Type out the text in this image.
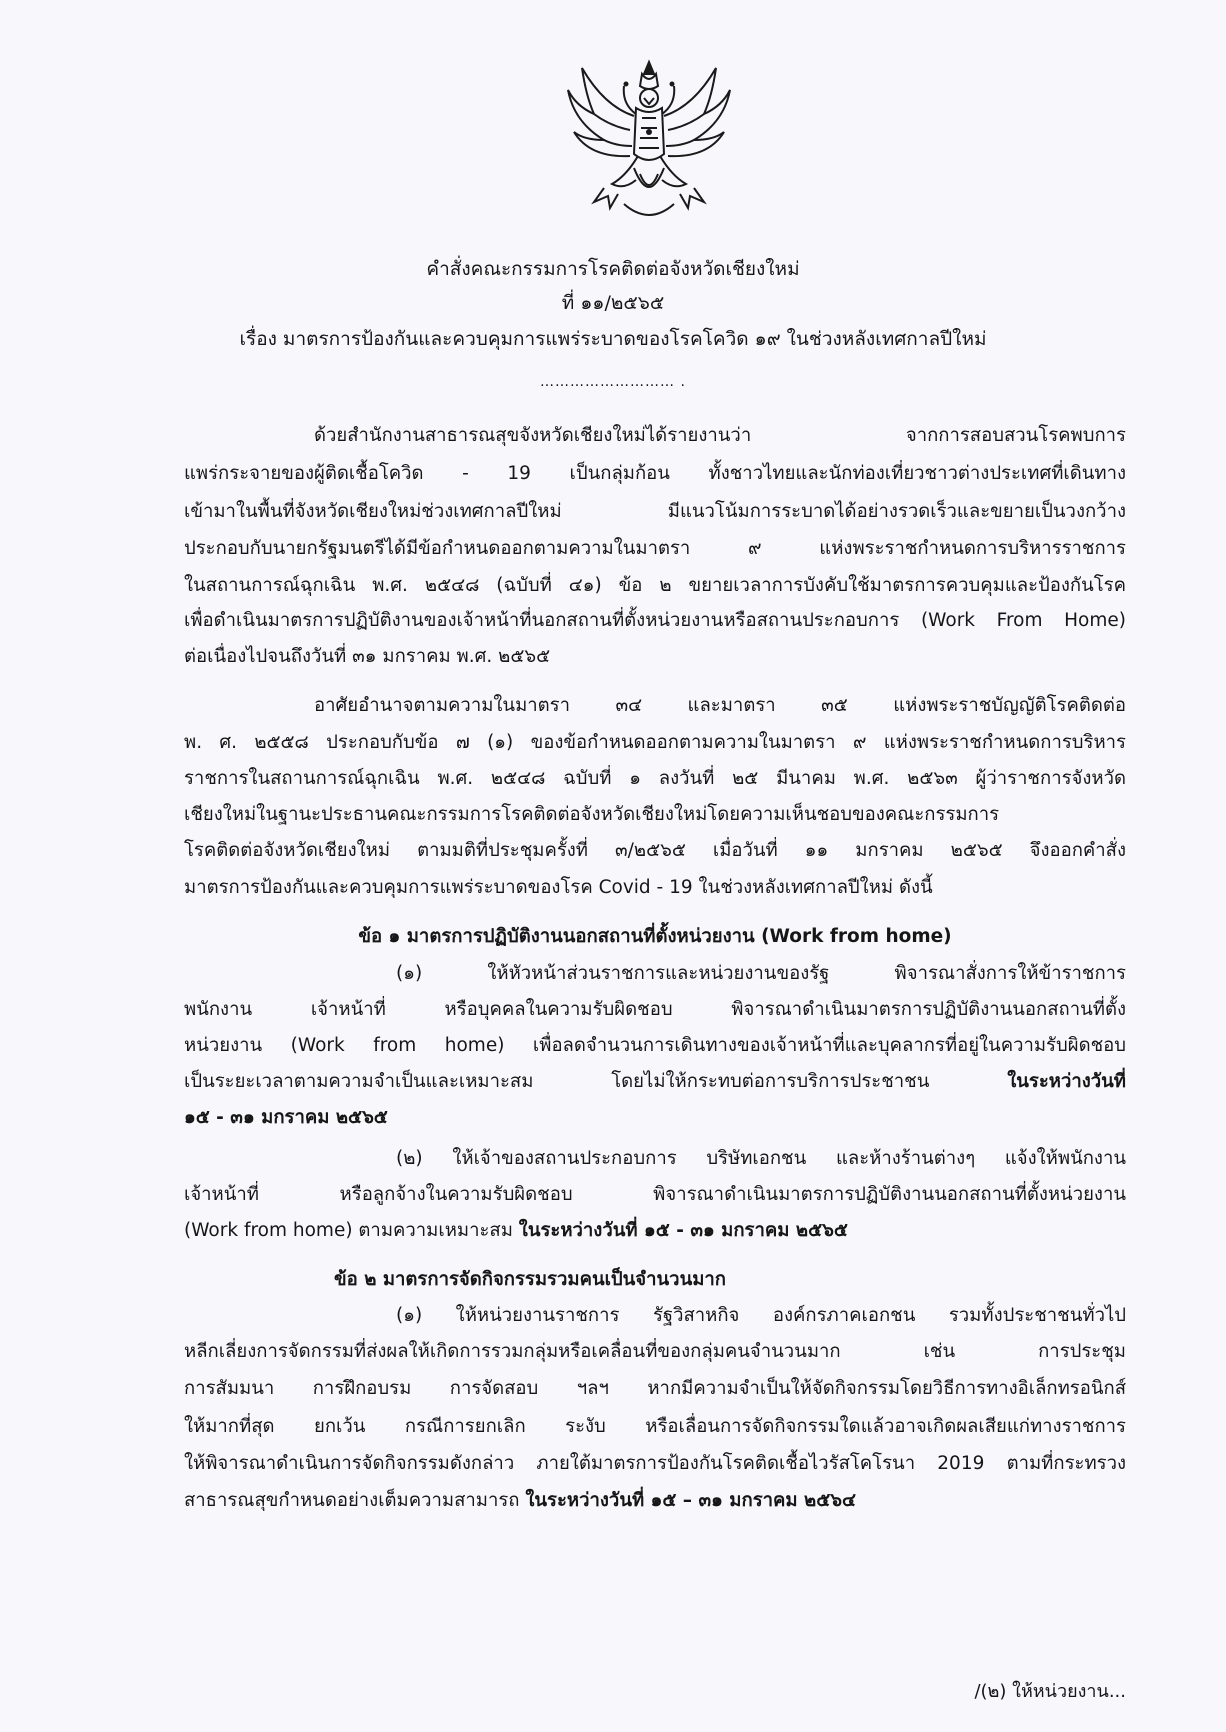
คำสั่งคณะกรรมการโรคติดต่อจังหวัดเชียงใหม่
ที่ ๑๑/๒๕๖๕
เรื่อง มาตรการป้องกันและควบคุมการแพร่ระบาดของโรคโควิด ๑๙ ในช่วงหลังเทศกาลปีใหม่
……………………… .
ด้วยสำนักงานสาธารณสุขจังหวัดเชียงใหม่ได้รายงานว่า จากการสอบสวนโรคพบการ
แพร่กระจายของผู้ติดเชื้อโควิด - 19 เป็นกลุ่มก้อน ทั้งชาวไทยและนักท่องเที่ยวชาวต่างประเทศที่เดินทาง
เข้ามาในพื้นที่จังหวัดเชียงใหม่ช่วงเทศกาลปีใหม่ มีแนวโน้มการระบาดได้อย่างรวดเร็วและขยายเป็นวงกว้าง
ประกอบกับนายกรัฐมนตรีได้มีข้อกำหนดออกตามความในมาตรา ๙ แห่งพระราชกำหนดการบริหารราชการ
ในสถานการณ์ฉุกเฉิน พ.ศ. ๒๕๔๘ (ฉบับที่ ๔๑) ข้อ ๒ ขยายเวลาการบังคับใช้มาตรการควบคุมและป้องกันโรค
เพื่อดำเนินมาตรการปฏิบัติงานของเจ้าหน้าที่นอกสถานที่ตั้งหน่วยงานหรือสถานประกอบการ (Work From Home)
ต่อเนื่องไปจนถึงวันที่ ๓๑ มกราคม พ.ศ. ๒๕๖๕
อาศัยอำนาจตามความในมาตรา ๓๔ และมาตรา ๓๕ แห่งพระราชบัญญัติโรคติดต่อ
พ. ศ. ๒๕๕๘ ประกอบกับข้อ ๗ (๑) ของข้อกำหนดออกตามความในมาตรา ๙ แห่งพระราชกำหนดการบริหาร
ราชการในสถานการณ์ฉุกเฉิน พ.ศ. ๒๕๔๘ ฉบับที่ ๑ ลงวันที่ ๒๕ มีนาคม พ.ศ. ๒๕๖๓ ผู้ว่าราชการจังหวัด
เชียงใหม่ในฐานะประธานคณะกรรมการโรคติดต่อจังหวัดเชียงใหม่โดยความเห็นชอบของคณะกรรมการ
โรคติดต่อจังหวัดเชียงใหม่ ตามมติที่ประชุมครั้งที่ ๓/๒๕๖๕ เมื่อวันที่ ๑๑ มกราคม ๒๕๖๕ จึงออกคำสั่ง
มาตรการป้องกันและควบคุมการแพร่ระบาดของโรค Covid - 19 ในช่วงหลังเทศกาลปีใหม่ ดังนี้
ข้อ ๑ มาตรการปฏิบัติงานนอกสถานที่ตั้งหน่วยงาน (Work from home)
(๑) ให้หัวหน้าส่วนราชการและหน่วยงานของรัฐ พิจารณาสั่งการให้ข้าราชการ
พนักงาน เจ้าหน้าที่ หรือบุคคลในความรับผิดชอบ พิจารณาดำเนินมาตรการปฏิบัติงานนอกสถานที่ตั้ง
หน่วยงาน (Work from home) เพื่อลดจำนวนการเดินทางของเจ้าหน้าที่และบุคลากรที่อยู่ในความรับผิดชอบ
เป็นระยะเวลาตามความจำเป็นและเหมาะสม โดยไม่ให้กระทบต่อการบริการประชาชน ในระหว่างวันที่
๑๕ - ๓๑ มกราคม ๒๕๖๕
(๒) ให้เจ้าของสถานประกอบการ บริษัทเอกชน และห้างร้านต่างๆ แจ้งให้พนักงาน
เจ้าหน้าที่ หรือลูกจ้างในความรับผิดชอบ พิจารณาดำเนินมาตรการปฏิบัติงานนอกสถานที่ตั้งหน่วยงาน
(Work from home) ตามความเหมาะสม ในระหว่างวันที่ ๑๕ - ๓๑ มกราคม ๒๕๖๕
ข้อ ๒ มาตรการจัดกิจกรรมรวมคนเป็นจำนวนมาก
(๑) ให้หน่วยงานราชการ รัฐวิสาหกิจ องค์กรภาคเอกชน รวมทั้งประชาชนทั่วไป
หลีกเลี่ยงการจัดกรรมที่ส่งผลให้เกิดการรวมกลุ่มหรือเคลื่อนที่ของกลุ่มคนจำนวนมาก เช่น การประชุม
การสัมมนา การฝึกอบรม การจัดสอบ ฯลฯ หากมีความจำเป็นให้จัดกิจกรรมโดยวิธีการทางอิเล็กทรอนิกส์
ให้มากที่สุด ยกเว้น กรณีการยกเลิก ระงับ หรือเลื่อนการจัดกิจกรรมใดแล้วอาจเกิดผลเสียแก่ทางราชการ
ให้พิจารณาดำเนินการจัดกิจกรรมดังกล่าว ภายใต้มาตรการป้องกันโรคติดเชื้อไวรัสโคโรนา 2019 ตามที่กระทรวง
สาธารณสุขกำหนดอย่างเต็มความสามารถ ในระหว่างวันที่ ๑๕ – ๓๑ มกราคม ๒๕๖๔
/(๒) ให้หน่วยงาน...
